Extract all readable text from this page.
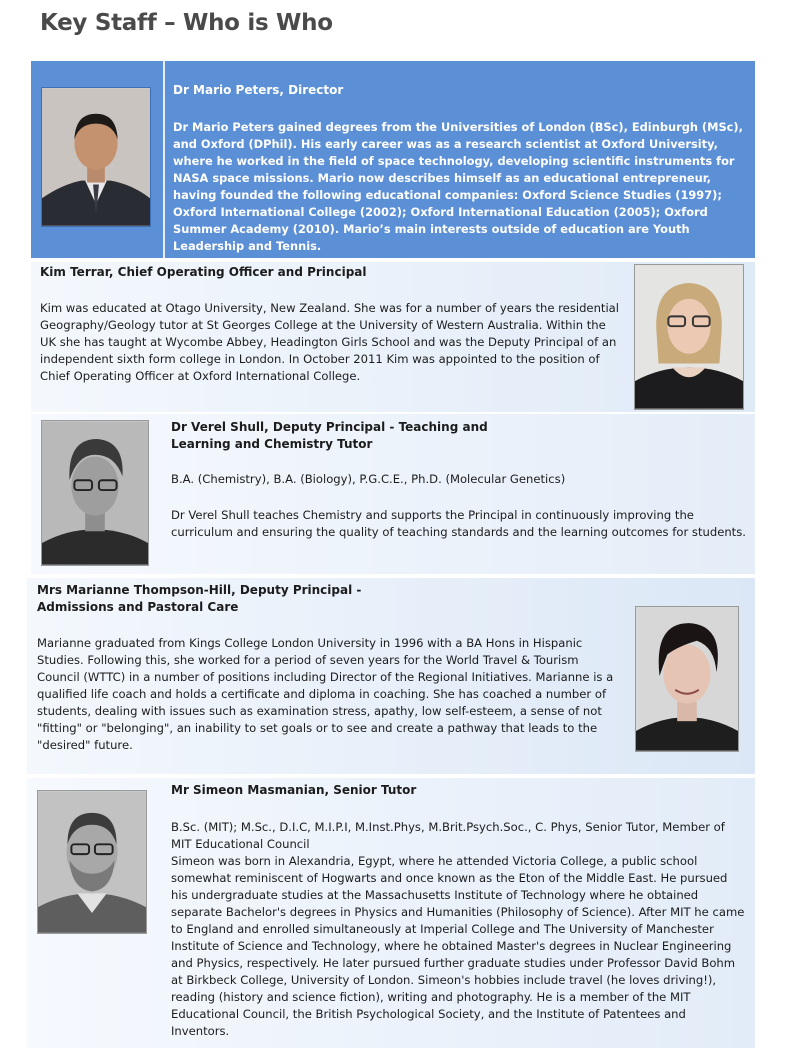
Key Staff – Who is Who
Dr Mario Peters, Director
Dr Mario Peters gained degrees from the Universities of London (BSc), Edinburgh (MSc), and Oxford (DPhil). His early career was as a research scientist at Oxford University, where he worked in the field of space technology, developing scientific instruments for NASA space missions. Mario now describes himself as an educational entrepreneur, having founded the following educational companies: Oxford Science Studies (1997); Oxford International College (2002); Oxford International Education (2005); Oxford Summer Academy (2010). Mario’s main interests outside of education are Youth Leadership and Tennis.
Kim Terrar, Chief Operating Officer and Principal
Kim was educated at Otago University, New Zealand. She was for a number of years the residential Geography/Geology tutor at St Georges College at the University of Western Australia. Within the UK she has taught at Wycombe Abbey, Headington Girls School and was the Deputy Principal of an independent sixth form college in London. In October 2011 Kim was appointed to the position of Chief Operating Officer at Oxford International College.
Dr Verel Shull, Deputy Principal - Teaching and Learning and Chemistry Tutor
B.A. (Chemistry), B.A. (Biology), P.G.C.E., Ph.D. (Molecular Genetics)
Dr Verel Shull teaches Chemistry and supports the Principal in continuously improving the curriculum and ensuring the quality of teaching standards and the learning outcomes for students.
Mrs Marianne Thompson-Hill, Deputy Principal - Admissions and Pastoral Care
Marianne graduated from Kings College London University in 1996 with a BA Hons in Hispanic Studies. Following this, she worked for a period of seven years for the World Travel & Tourism Council (WTTC) in a number of positions including Director of the Regional Initiatives. Marianne is a qualified life coach and holds a certificate and diploma in coaching. She has coached a number of students, dealing with issues such as examination stress, apathy, low self-esteem, a sense of not "fitting" or "belonging", an inability to set goals or to see and create a pathway that leads to the "desired" future.
Mr Simeon Masmanian, Senior Tutor
B.Sc. (MIT); M.Sc., D.I.C, M.I.P.I, M.Inst.Phys, M.Brit.Psych.Soc., C. Phys, Senior Tutor, Member of MIT Educational Council
Simeon was born in Alexandria, Egypt, where he attended Victoria College, a public school somewhat reminiscent of Hogwarts and once known as the Eton of the Middle East. He pursued his undergraduate studies at the Massachusetts Institute of Technology where he obtained separate Bachelor's degrees in Physics and Humanities (Philosophy of Science). After MIT he came to England and enrolled simultaneously at Imperial College and The University of Manchester Institute of Science and Technology, where he obtained Master's degrees in Nuclear Engineering and Physics, respectively. He later pursued further graduate studies under Professor David Bohm at Birkbeck College, University of London. Simeon's hobbies include travel (he loves driving!), reading (history and science fiction), writing and photography. He is a member of the MIT Educational Council, the British Psychological Society, and the Institute of Patentees and Inventors.
